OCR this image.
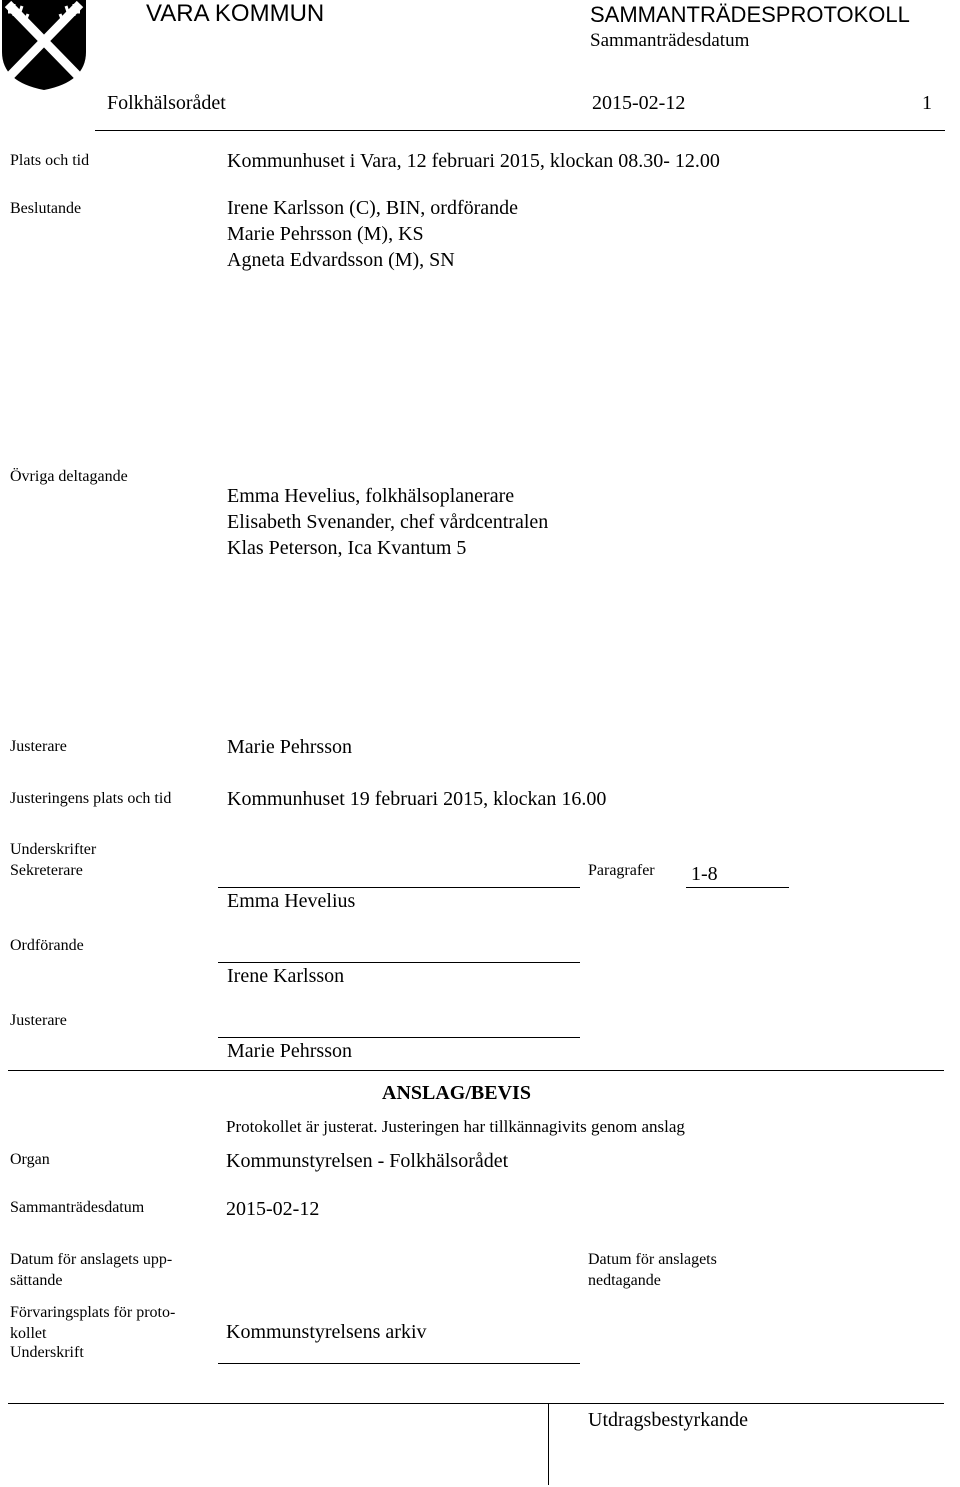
VARA KOMMUN	SAMMANTRÄDESPROTOKOLL
Sammanträdesdatum
Folkhälsorådet	2015-02-12	1
Plats och tid	Kommunhuset i Vara, 12 februari 2015, klockan 08.30- 12.00
Beslutande	Irene Karlsson (C), BIN, ordförande
Marie Pehrsson (M), KS
Agneta Edvardsson (M), SN
Övriga deltagande
Emma Hevelius, folkhälsoplanerare
Elisabeth Svenander, chef vårdcentralen
Klas Peterson, Ica Kvantum 5
Justerare	Marie Pehrsson
Justeringens plats och tid	Kommunhuset 19 februari 2015, klockan 16.00
Underskrifter
Sekreterare
Emma Hevelius
Paragrafer 1-8
Ordförande
Irene Karlsson
Justerare
Marie Pehrsson
ANSLAG/BEVIS
Protokollet är justerat. Justeringen har tillkännagivits genom anslag
Organ	Kommunstyrelsen - Folkhälsorådet
Sammanträdesdatum	2015-02-12
Datum för anslagets upp-
sättande
Datum för anslagets
nedtagande
Förvaringsplats för proto-
kollet	Kommunstyrelsens arkiv
Underskrift
Utdragsbestyrkande
